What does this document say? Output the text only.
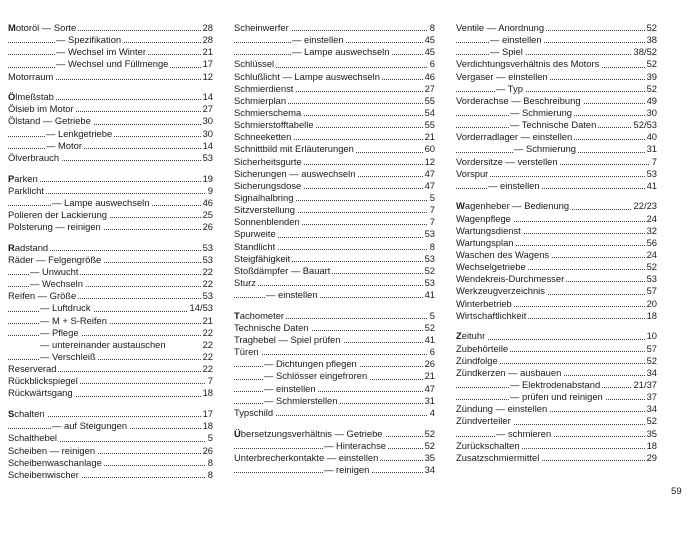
Motoröl — Sorte	28
— Spezifikation	28
— Wechsel im Winter	21
— Wechsel und Füllmenge	17
Motorraum	12
Ölmeßstab	14
Ölsieb im Motor	27
Ölstand — Getriebe	30
— Lenkgetriebe	30
— Motor	14
Ölverbrauch	53
Parken	19
Parklicht	9
— Lampe auswechseln	46
Polieren der Lackierung	25
Polsterung — reinigen	26
Radstand	53
Räder — Felgengröße	53
— Unwucht	22
— Wechseln	22
Reifen — Größe	53
— Luftdruck	14/53
— M + S-Reifen	21
— Pflege	22
— untereinander austauschen	22
— Verschleiß	22
Reserverad	22
Rückblickspiegel	7
Rückwärtsgang	18
Schalten	17
— auf Steigungen	18
Schalthebel	5
Scheiben — reinigen	26
Scheibenwaschanlage	8
Scheibenwischer	8
Scheinwerfer	8
— einstellen	45
— Lampe auswechseln	45
Schlüssel	6
Schlußlicht — Lampe auswechseln	46
Schmierdienst	27
Schmierplan	55
Schmierschema	54
Schmierstofftabelle	55
Schneeketten	21
Schnittbild mit Erläuterungen	60
Sicherheitsgurte	12
Sicherungen — auswechseln	47
Sicherungsdose	47
Signalhalbring	5
Sitzverstellung	7
Sonnenblenden	7
Spurweite	53
Standlicht	8
Steigfähigkeit	53
Stoßdämpfer — Bauart	52
Sturz	53
— einstellen	41
Tachometer	5
Technische Daten	52
Traghebel — Spiel prüfen	41
Türen	6
— Dichtungen pflegen	26
— Schlösser eingefroren	21
— einstellen	47
— Schmierstellen	31
Typschild	4
Übersetzungsverhältnis — Getriebe	52
— Hinterachse	52
Unterbrecherkontakte — einstellen	35
— reinigen	34
Ventile — Anordnung	52
— einstellen	38
— Spiel	38/52
Verdichtungsverhältnis des Motors	52
Vergaser — einstellen	39
— Typ	52
Vorderachse — Beschreibung	49
— Schmierung	30
— Technische Daten	52/53
Vorderradlager — einstellen	40
— Schmierung	31
Vordersitze — verstellen	7
Vorspur	53
— einstellen	41
Wagenheber — Bedienung	22/23
Wagenpflege	24
Wartungsdienst	32
Wartungsplan	56
Waschen des Wagens	24
Wechselgetriebe	52
Wendekreis-Durchmesser	53
Werkzeugverzeichnis	57
Winterbetrieb	20
Wirtschaftlichkeit	18
Zeituhr	10
Zubehörteile	57
Zündfolge	52
Zündkerzen — ausbauen	34
— Elektrodenabstand	21/37
— prüfen und reinigen	37
Zündung — einstellen	34
Zündverteiler	52
— schmieren	35
Zurückschalten	18
Zusatzschmiermittel	29
59
